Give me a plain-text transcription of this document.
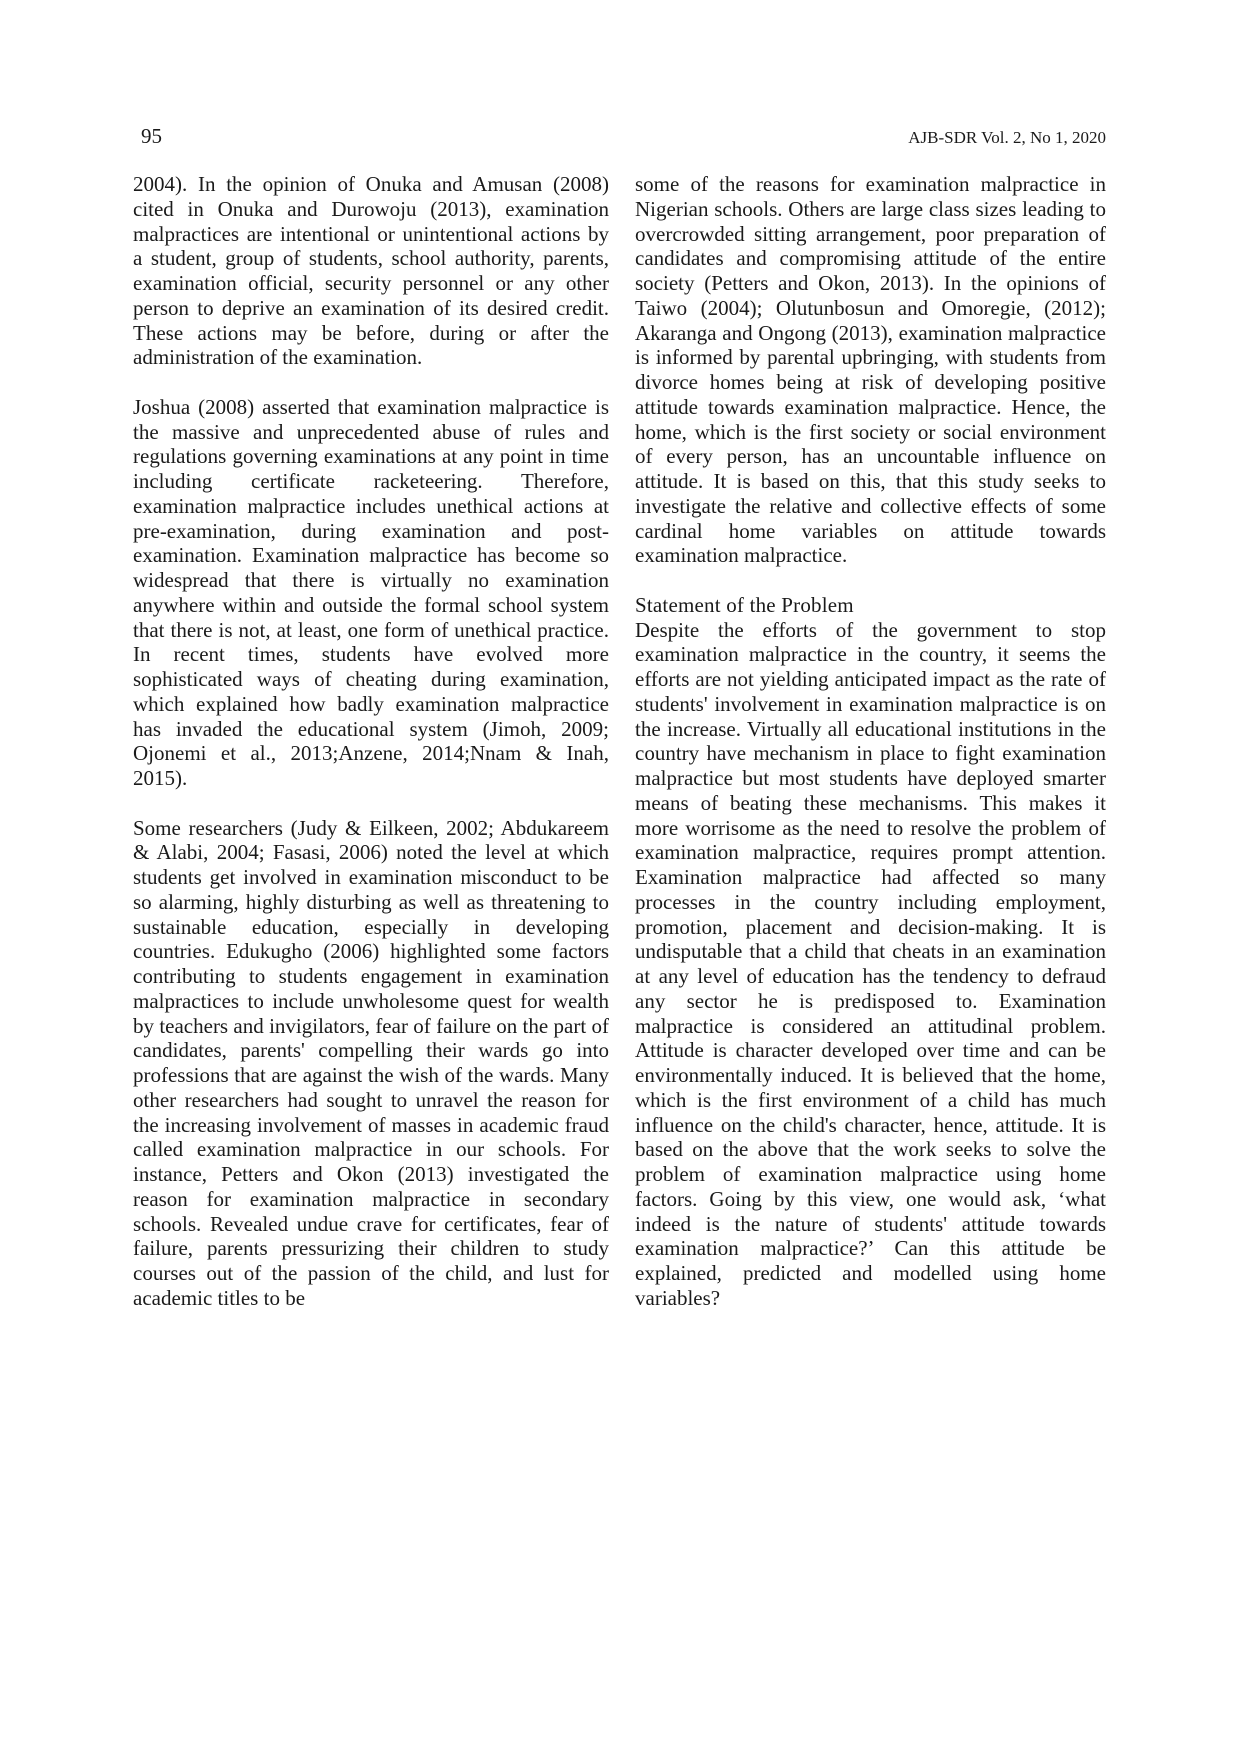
95	AJB-SDR Vol. 2, No 1, 2020

2004). In the opinion of Onuka and Amusan (2008) cited in Onuka and Durowoju (2013), examination malpractices are intentional or unintentional actions by a student, group of students, school authority, parents, examination official, security personnel or any other person to deprive an examination of its desired credit. These actions may be before, during or after the administration of the examination.

Joshua (2008) asserted that examination malpractice is the massive and unprecedented abuse of rules and regulations governing examinations at any point in time including certificate racketeering. Therefore, examination malpractice includes unethical actions at pre-examination, during examination and post-examination. Examination malpractice has become so widespread that there is virtually no examination anywhere within and outside the formal school system that there is not, at least, one form of unethical practice. In recent times, students have evolved more sophisticated ways of cheating during examination, which explained how badly examination malpractice has invaded the educational system (Jimoh, 2009; Ojonemi et al., 2013;Anzene, 2014;Nnam & Inah, 2015).

Some researchers (Judy & Eilkeen, 2002; Abdukareem & Alabi, 2004; Fasasi, 2006) noted the level at which students get involved in examination misconduct to be so alarming, highly disturbing as well as threatening to sustainable education, especially in developing countries. Edukugho (2006) highlighted some factors contributing to students engagement in examination malpractices to include unwholesome quest for wealth by teachers and invigilators, fear of failure on the part of candidates, parents' compelling their wards go into professions that are against the wish of the wards. Many other researchers had sought to unravel the reason for the increasing involvement of masses in academic fraud called examination malpractice in our schools. For instance, Petters and Okon (2013) investigated the reason for examination malpractice in secondary schools. Revealed undue crave for certificates, fear of failure, parents pressurizing their children to study courses out of the passion of the child, and lust for academic titles to be

some of the reasons for examination malpractice in Nigerian schools. Others are large class sizes leading to overcrowded sitting arrangement, poor preparation of candidates and compromising attitude of the entire society (Petters and Okon, 2013). In the opinions of Taiwo (2004); Olutunbosun and Omoregie, (2012); Akaranga and Ongong (2013), examination malpractice is informed by parental upbringing, with students from divorce homes being at risk of developing positive attitude towards examination malpractice. Hence, the home, which is the first society or social environment of every person, has an uncountable influence on attitude. It is based on this, that this study seeks to investigate the relative and collective effects of some cardinal home variables on attitude towards examination malpractice.

Statement of the Problem

Despite the efforts of the government to stop examination malpractice in the country, it seems the efforts are not yielding anticipated impact as the rate of students' involvement in examination malpractice is on the increase. Virtually all educational institutions in the country have mechanism in place to fight examination malpractice but most students have deployed smarter means of beating these mechanisms. This makes it more worrisome as the need to resolve the problem of examination malpractice, requires prompt attention. Examination malpractice had affected so many processes in the country including employment, promotion, placement and decision-making. It is undisputable that a child that cheats in an examination at any level of education has the tendency to defraud any sector he is predisposed to. Examination malpractice is considered an attitudinal problem. Attitude is character developed over time and can be environmentally induced. It is believed that the home, which is the first environment of a child has much influence on the child's character, hence, attitude. It is based on the above that the work seeks to solve the problem of examination malpractice using home factors. Going by this view, one would ask, ‘what indeed is the nature of students' attitude towards examination malpractice?’ Can this attitude be explained, predicted and modelled using home variables?
